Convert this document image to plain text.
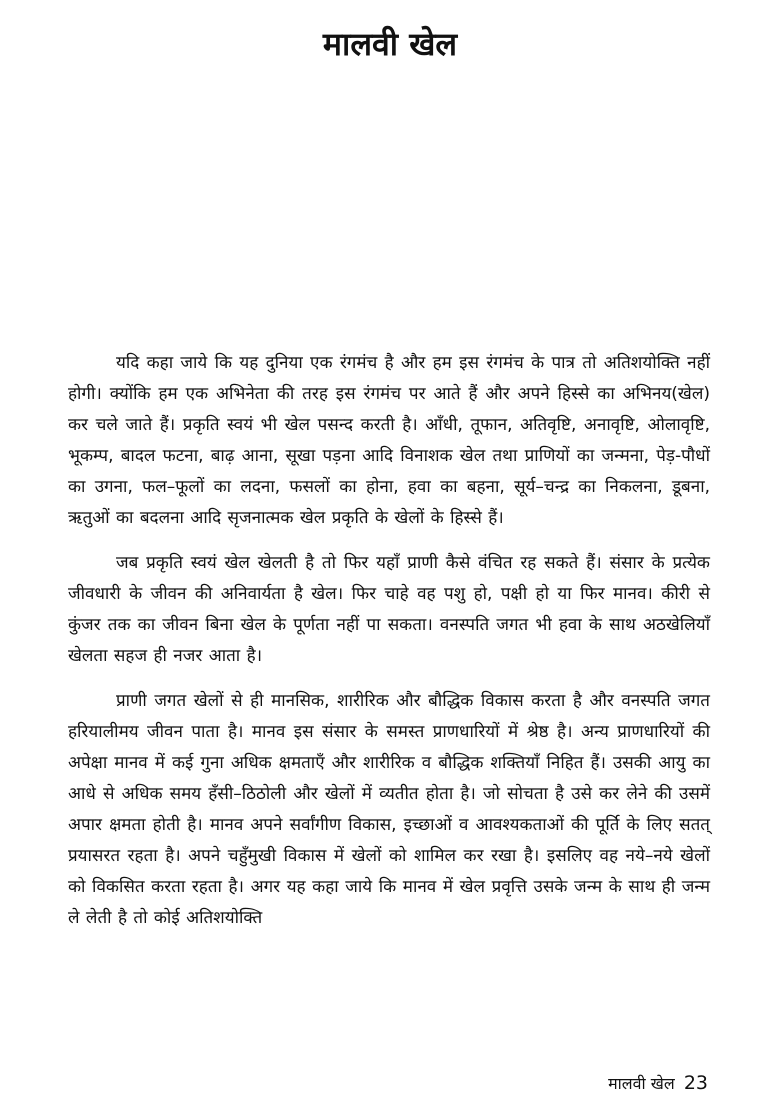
मालवी खेल

यदि कहा जाये कि यह दुनिया एक रंगमंच है और हम इस रंगमंच के पात्र तो अतिशयोक्ति नहीं होगी। क्योंकि हम एक अभिनेता की तरह इस रंगमंच पर आते हैं और अपने हिस्से का अभिनय(खेल) कर चले जाते हैं। प्रकृति स्वयं भी खेल पसन्द करती है। आँधी, तूफान, अतिवृष्टि, अनावृष्टि, ओलावृष्टि, भूकम्प, बादल फटना, बाढ़ आना, सूखा पड़ना आदि विनाशक खेल तथा प्राणियों का जन्मना, पेड़-पौधों का उगना, फल–फूलों का लदना, फसलों का होना, हवा का बहना, सूर्य–चन्द्र का निकलना, डूबना, ऋतुओं का बदलना आदि सृजनात्मक खेल प्रकृति के खेलों के हिस्से हैं।

जब प्रकृति स्वयं खेल खेलती है तो फिर यहाँ प्राणी कैसे वंचित रह सकते हैं। संसार के प्रत्येक जीवधारी के जीवन की अनिवार्यता है खेल। फिर चाहे वह पशु हो, पक्षी हो या फिर मानव। कीरी से कुंजर तक का जीवन बिना खेल के पूर्णता नहीं पा सकता। वनस्पति जगत भी हवा के साथ अठखेलियाँ खेलता सहज ही नजर आता है।

प्राणी जगत खेलों से ही मानसिक, शारीरिक और बौद्धिक विकास करता है और वनस्पति जगत हरियालीमय जीवन पाता है। मानव इस संसार के समस्त प्राणधारियों में श्रेष्ठ है। अन्य प्राणधारियों की अपेक्षा मानव में कई गुना अधिक क्षमताएँ और शारीरिक व बौद्धिक शक्तियाँ निहित हैं। उसकी आयु का आधे से अधिक समय हँसी–ठिठोली और खेलों में व्यतीत होता है। जो सोचता है उसे कर लेने की उसमें अपार क्षमता होती है। मानव अपने सर्वांगीण विकास, इच्छाओं व आवश्यकताओं की पूर्ति के लिए सतत् प्रयासरत रहता है। अपने चहुँमुखी विकास में खेलों को शामिल कर रखा है। इसलिए वह नये–नये खेलों को विकसित करता रहता है। अगर यह कहा जाये कि मानव में खेल प्रवृत्ति उसके जन्म के साथ ही जन्म ले लेती है तो कोई अतिशयोक्ति

मालवी खेल 23
